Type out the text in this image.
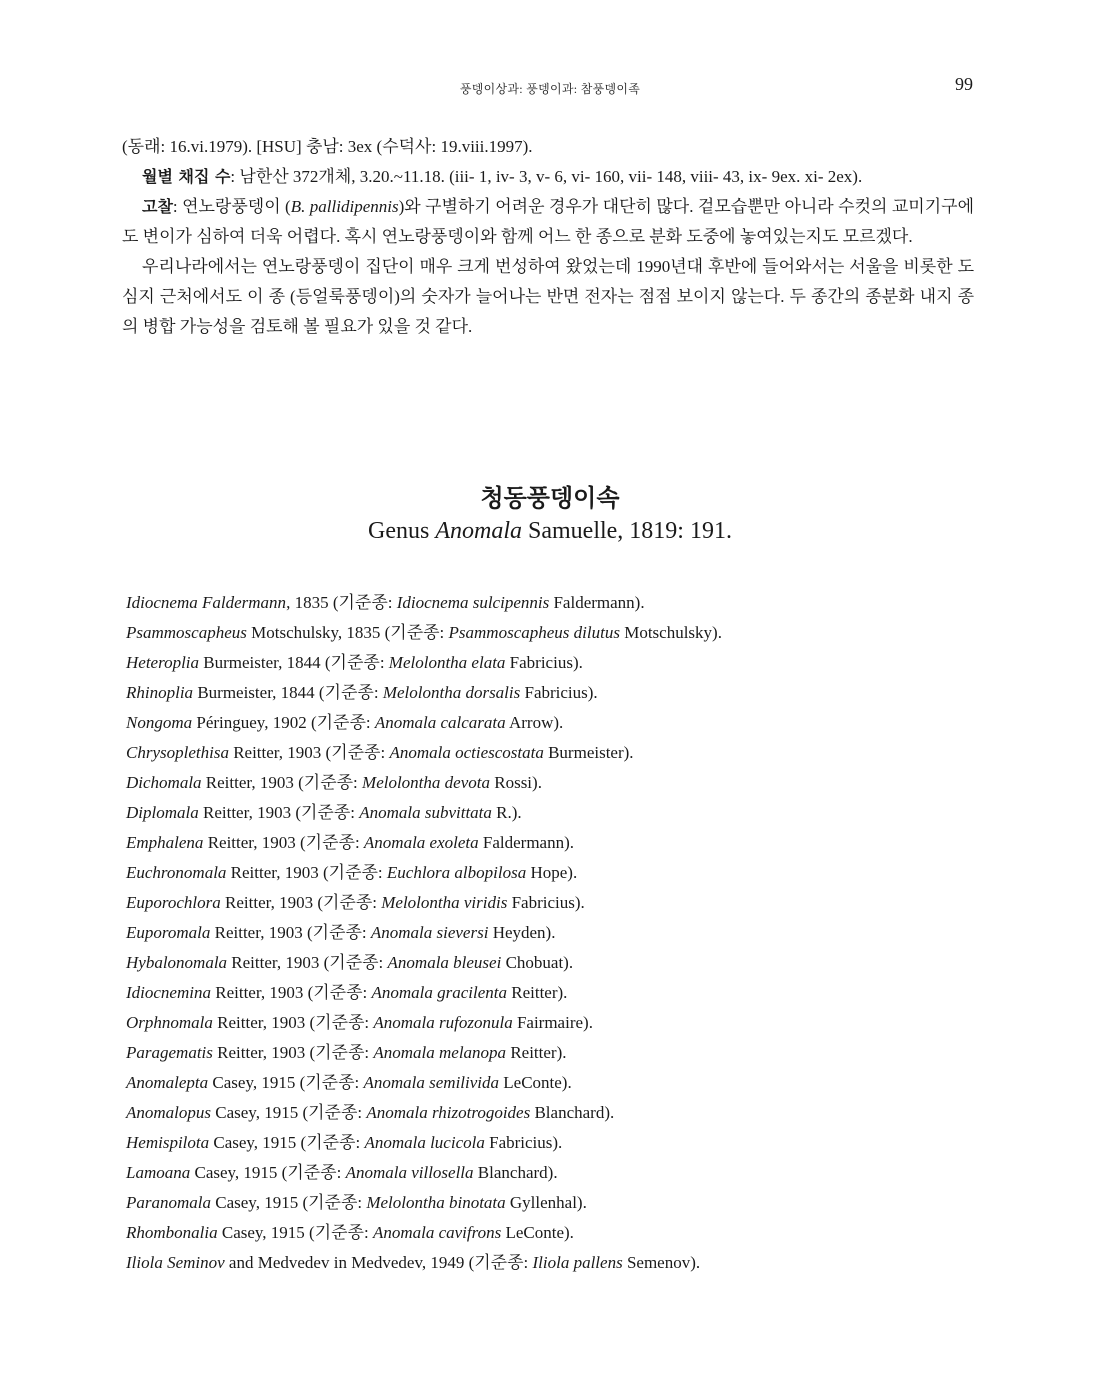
풍뎅이상과: 풍뎅이과: 참풍뎅이족	99

(동래: 16.vi.1979). [HSU] 충남: 3ex (수덕사: 19.viii.1997).

월별 채집 수: 남한산 372개체, 3.20.~11.18. (iii- 1, iv- 3, v- 6, vi- 160, vii- 148, viii- 43, ix- 9ex. xi- 2ex).

고찰: 연노랑풍뎅이 (B. pallidipennis)와 구별하기 어려운 경우가 대단히 많다. 겉모습뿐만 아니라 수컷의 교미기구에도 변이가 심하여 더욱 어렵다. 혹시 연노랑풍뎅이와 함께 어느 한 종으로 분화 도중에 놓여있는지도 모르겠다.

우리나라에서는 연노랑풍뎅이 집단이 매우 크게 번성하여 왔었는데 1990년대 후반에 들어와서는 서울을 비롯한 도심지 근처에서도 이 종 (등얼룩풍뎅이)의 숫자가 늘어나는 반면 전자는 점점 보이지 않는다. 두 종간의 종분화 내지 종의 병합 가능성을 검토해 볼 필요가 있을 것 같다.

청동풍뎅이속
Genus Anomala Samuelle, 1819: 191.
Idiocnema Faldermann, 1835 (기준종: Idiocnema sulcipennis Faldermann).
Psammoscapheus Motschulsky, 1835 (기준종: Psammoscapheus dilutus Motschulsky).
Heteroplia Burmeister, 1844 (기준종: Melolontha elata Fabricius).
Rhinoplia Burmeister, 1844 (기준종: Melolontha dorsalis Fabricius).
Nongoma Péringuey, 1902 (기준종: Anomala calcarata Arrow).
Chrysoplethisa Reitter, 1903 (기준종: Anomala octiescostata Burmeister).
Dichomala Reitter, 1903 (기준종: Melolontha devota Rossi).
Diplomala Reitter, 1903 (기준종: Anomala subvittata R.).
Emphalena Reitter, 1903 (기준종: Anomala exoleta Faldermann).
Euchronomala Reitter, 1903 (기준종: Euchlora albopilosa Hope).
Euporochlora Reitter, 1903 (기준종: Melolontha viridis Fabricius).
Euporomala Reitter, 1903 (기준종: Anomala sieversi Heyden).
Hybalonomala Reitter, 1903 (기준종: Anomala bleusei Chobuat).
Idiocnemina Reitter, 1903 (기준종: Anomala gracilenta Reitter).
Orphnomala Reitter, 1903 (기준종: Anomala rufozonula Fairmaire).
Paragematis Reitter, 1903 (기준종: Anomala melanopa Reitter).
Anomalepta Casey, 1915 (기준종: Anomala semilivida LeConte).
Anomalopus Casey, 1915 (기준종: Anomala rhizotrogoides Blanchard).
Hemispilota Casey, 1915 (기준종: Anomala lucicola Fabricius).
Lamoana Casey, 1915 (기준종: Anomala villosella Blanchard).
Paranomala Casey, 1915 (기준종: Melolontha binotata Gyllenhal).
Rhombonalia Casey, 1915 (기준종: Anomala cavifrons LeConte).
Iliola Seminov and Medvedev in Medvedev, 1949 (기준종: Iliola pallens Semenov).
